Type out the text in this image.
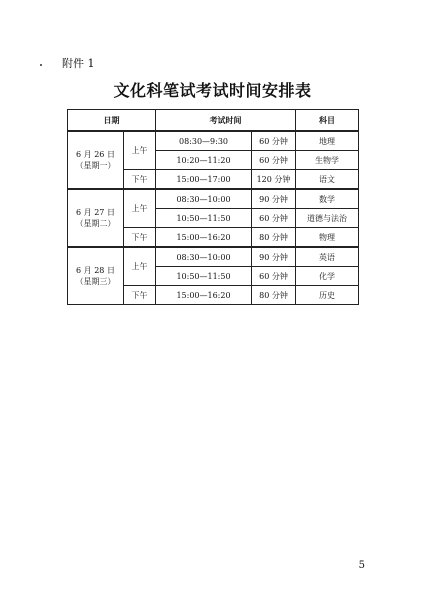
附件 1
文化科笔试考试时间安排表
日期		考试时间		科目

6 月 26 日
（星期一）	上午	08:30—9:30	60 分钟	地理
		10:20—11:20	60 分钟	生物学
	下午	15:00—17:00	120 分钟	语文

6 月 27 日
（星期二）	上午	08:30—10:00	90 分钟	数学
		10:50—11:50	60 分钟	道德与法治
	下午	15:00—16:20	80 分钟	物理

6 月 28 日
（星期三）	上午	08:30—10:00	90 分钟	英语
		10:50—11:50	60 分钟	化学
	下午	15:00—16:20	80 分钟	历史
5
